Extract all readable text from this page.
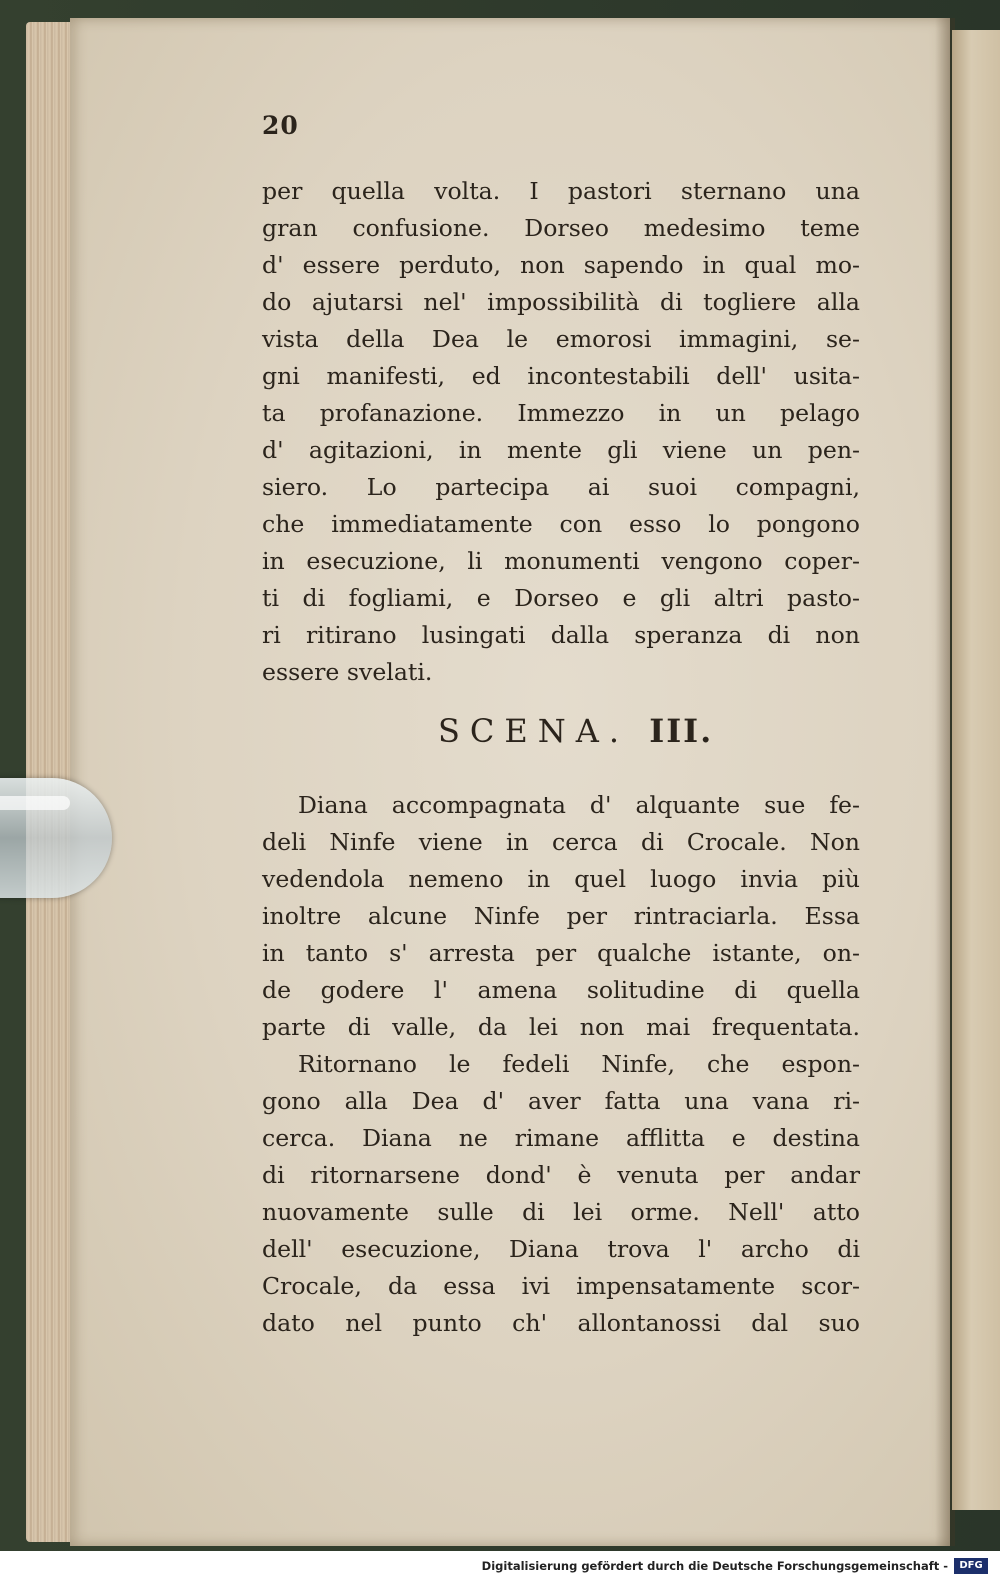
20
per quella volta. I pastori sternano una
gran confusione. Dorseo medesimo teme
d' essere perduto, non sapendo in qual mo-
do ajutarsi nel' impossibilità di togliere alla
vista della Dea le emorosi immagini, se-
gni manifesti, ed incontestabili dell' usita-
ta profanazione. Immezzo in un pelago
d' agitazioni, in mente gli viene un pen-
siero. Lo partecipa ai suoi compagni,
che immediatamente con esso lo pongono
in esecuzione, li monumenti vengono coper-
ti di fogliami, e Dorseo e gli altri pasto-
ri ritirano lusingati dalla speranza di non
essere svelati.
SCENA. III.
Diana accompagnata d' alquante sue fe-
deli Ninfe viene in cerca di Crocale. Non
vedendola nemeno in quel luogo invia più
inoltre alcune Ninfe per rintraciarla. Essa
in tanto s' arresta per qualche istante, on-
de godere l' amena solitudine di quella
parte di valle, da lei non mai frequentata.
Ritornano le fedeli Ninfe, che espon-
gono alla Dea d' aver fatta una vana ri-
cerca. Diana ne rimane afflitta e destina
di ritornarsene dond' è venuta per andar
nuovamente sulle di lei orme. Nell' atto
dell' esecuzione, Diana trova l' archo di
Crocale, da essa ivi impensatamente scor-
dato nel punto ch' allontanossi dal suo
Digitalisierung gefördert durch die Deutsche Forschungsgemeinschaft -	DFG
